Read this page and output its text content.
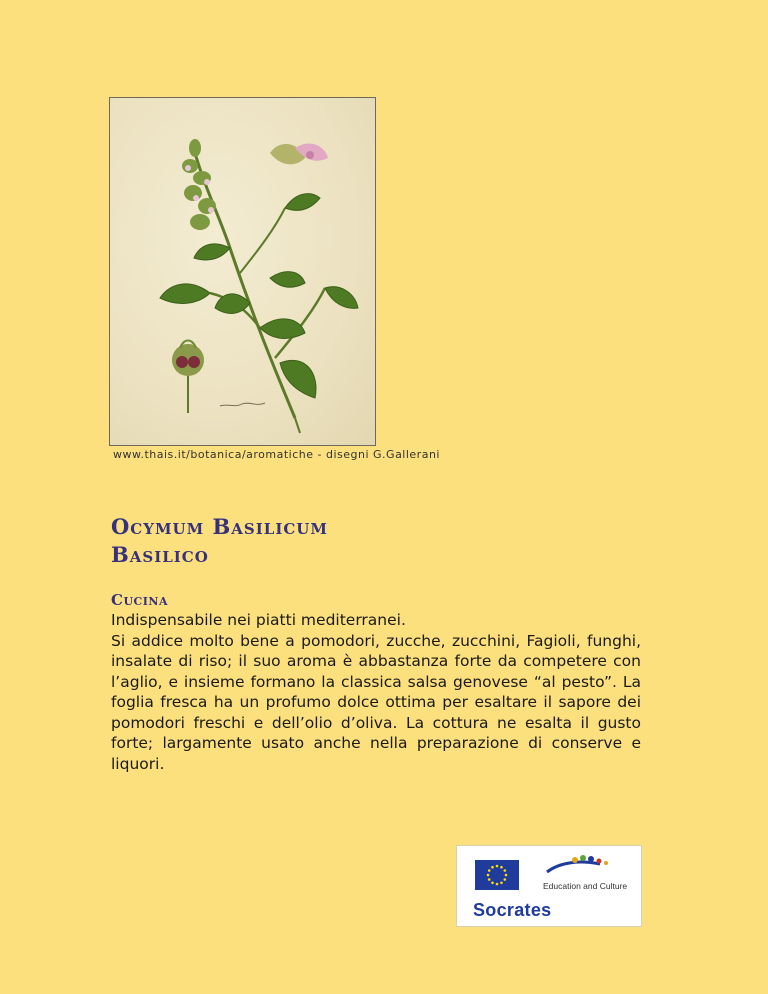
www.thais.it/botanica/aromatiche - disegni G.Gallerani
Ocymum Basilicum
Basilico
Cucina

Indispensabile nei piatti mediterranei.

Si addice molto bene a pomodori, zucche, zucchini, Fagioli, funghi, insalate di riso; il suo aroma è abbastanza forte da competere con l’aglio, e insieme formano la classica salsa genovese “al pesto”. La foglia fresca ha un profumo dolce ottima per esaltare il sapore dei pomodori freschi e dell’olio d’oliva. La cottura ne esalta il gusto forte; largamente usato anche nella preparazione di conserve e liquori.

Education and Culture
Socrates
